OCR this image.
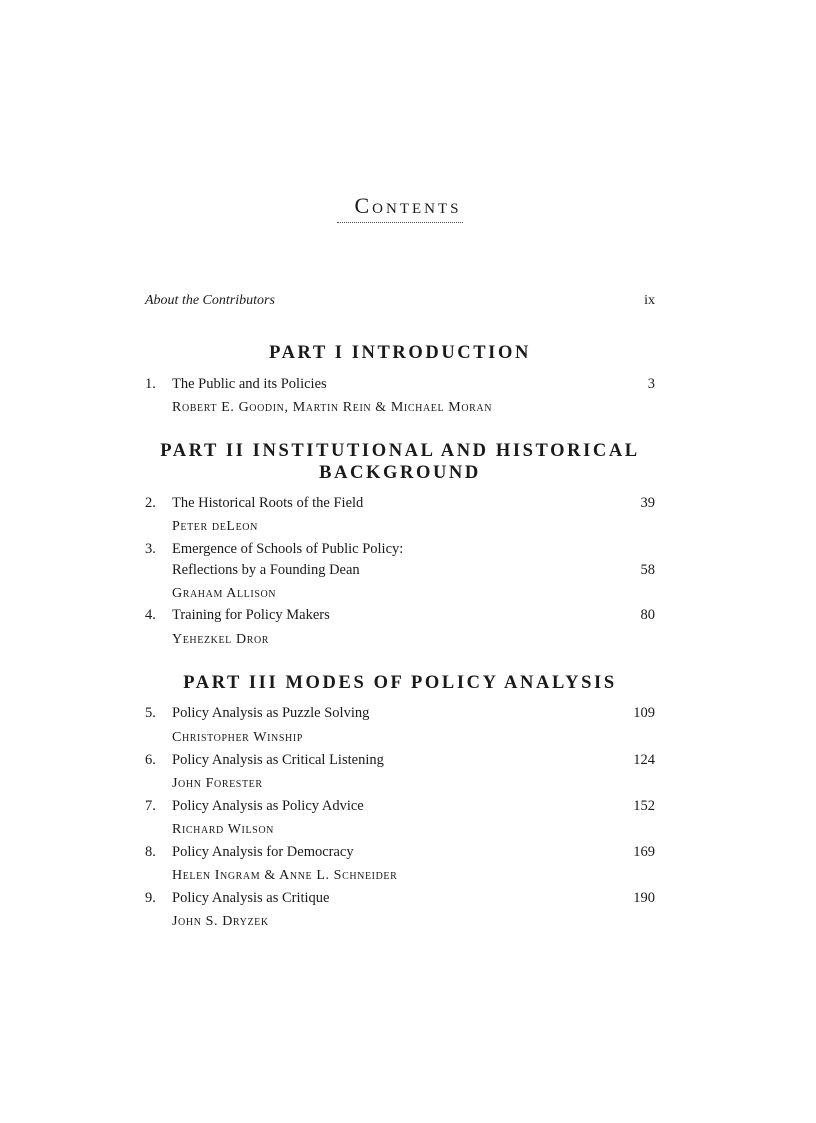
Contents
About the Contributors	ix
PART I INTRODUCTION
1. The Public and its Policies	3
Robert E. Goodin, Martin Rein & Michael Moran
PART II INSTITUTIONAL AND HISTORICAL
BACKGROUND
2. The Historical Roots of the Field	39
Peter deLeon
3. Emergence of Schools of Public Policy:
Reflections by a Founding Dean	58
Graham Allison
4. Training for Policy Makers	80
Yehezkel Dror
PART III MODES OF POLICY ANALYSIS
5. Policy Analysis as Puzzle Solving	109
Christopher Winship
6. Policy Analysis as Critical Listening	124
John Forester
7. Policy Analysis as Policy Advice	152
Richard Wilson
8. Policy Analysis for Democracy	169
Helen Ingram & Anne L. Schneider
9. Policy Analysis as Critique	190
John S. Dryzek
